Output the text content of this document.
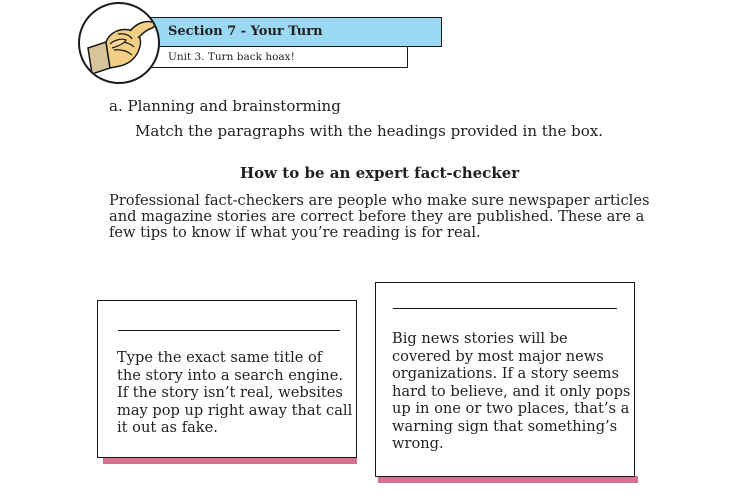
Section 7 - Your Turn
Unit 3. Turn back hoax!
a. Planning and brainstorming
Match the paragraphs with the headings provided in the box.
How to be an expert fact-checker
Professional fact-checkers are people who make sure newspaper articles
and magazine stories are correct before they are published. These are a
few tips to know if what you’re reading is for real.
Type the exact same title of
the story into a search engine.
If the story isn’t real, websites
may pop up right away that call
it out as fake.
Big news stories will be
covered by most major news
organizations. If a story seems
hard to believe, and it only pops
up in one or two places, that’s a
warning sign that something’s
wrong.
